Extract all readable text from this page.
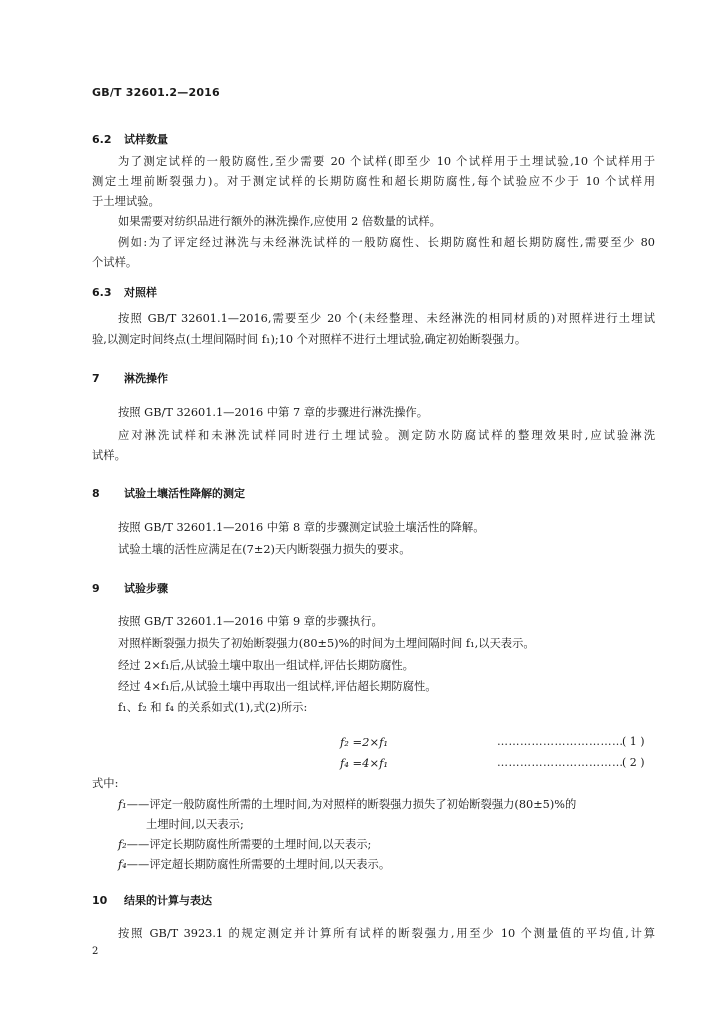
GB/T 32601.2—2016
6.2 试样数量
为了测定试样的一般防腐性,至少需要 20 个试样(即至少 10 个试样用于土埋试验,10 个试样用于
测定土埋前断裂强力)。对于测定试样的长期防腐性和超长期防腐性,每个试验应不少于 10 个试样用
于土埋试验。
如果需要对纺织品进行额外的淋洗操作,应使用 2 倍数量的试样。
例如:为了评定经过淋洗与未经淋洗试样的一般防腐性、长期防腐性和超长期防腐性,需要至少 80
个试样。
6.3 对照样
按照 GB/T 32601.1—2016,需要至少 20 个(未经整理、未经淋洗的相同材质的)对照样进行土埋试
验,以测定时间终点(土埋间隔时间 f₁);10 个对照样不进行土埋试验,确定初始断裂强力。
7 淋洗操作
按照 GB/T 32601.1—2016 中第 7 章的步骤进行淋洗操作。
应对淋洗试样和未淋洗试样同时进行土埋试验。测定防水防腐试样的整理效果时,应试验淋洗
试样。
8 试验土壤活性降解的测定
按照 GB/T 32601.1—2016 中第 8 章的步骤测定试验土壤活性的降解。
试验土壤的活性应满足在(7±2)天内断裂强力损失的要求。
9 试验步骤
按照 GB/T 32601.1—2016 中第 9 章的步骤执行。
对照样断裂强力损失了初始断裂强力(80±5)%的时间为土埋间隔时间 f₁,以天表示。
经过 2×f₁后,从试验土壤中取出一组试样,评估长期防腐性。
经过 4×f₁后,从试验土壤中再取出一组试样,评估超长期防腐性。
f₁、f₂ 和 f₄ 的关系如式(1),式(2)所示:
f₂ =2×f₁	……………………………
( 1 )
f₄ =4×f₁	……………………………
( 2 )
式中:
f₁——评定一般防腐性所需的土埋时间,为对照样的断裂强力损失了初始断裂强力(80±5)%的
土埋时间,以天表示;
f₂——评定长期防腐性所需要的土埋时间,以天表示;
f₄——评定超长期防腐性所需要的土埋时间,以天表示。
10 结果的计算与表达
按照 GB/T 3923.1 的规定测定并计算所有试样的断裂强力,用至少 10 个测量值的平均值,计算
2
